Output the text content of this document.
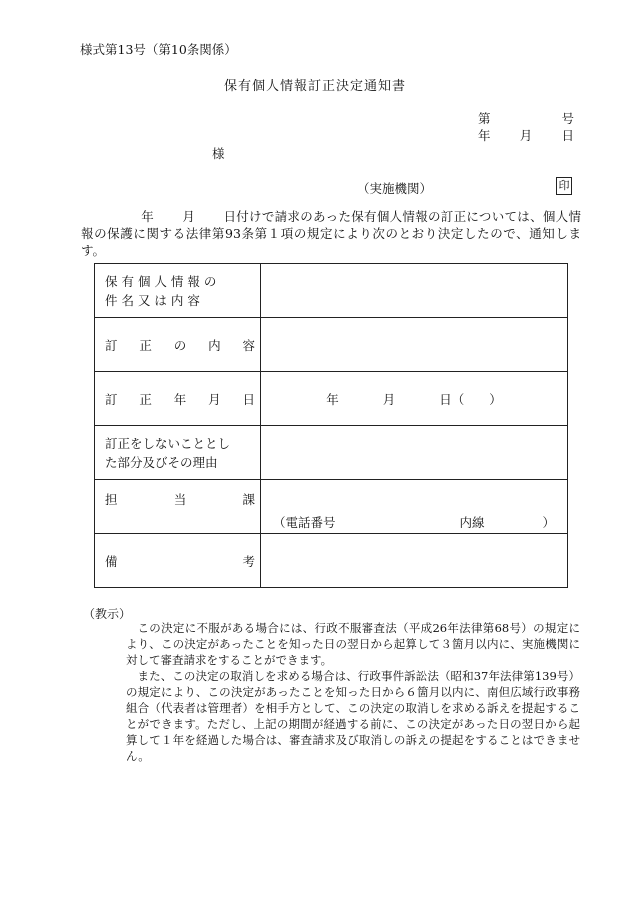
様式第13号（第10条関係）
保有個人情報訂正決定通知書
第	号
年 月 日
様
（実施機関）	印
年 月 日付けで請求のあった保有個人情報の訂正については、個人情報の保護に関する法律第93条第１項の規定により次のとおり決定したので、通知します。
保 有 個 人 情 報 の
件 名 又 は 内 容	

訂 正 の 内 容	

訂 正 年 月 日	年 月 日（　　）

訂正をしないこととし
た部分及びその理由	

担 当 課	（電話番号 内線 ）

備 考	

（教示）

この決定に不服がある場合には、行政不服審査法（平成26年法律第68号）の規定により、この決定があったことを知った日の翌日から起算して３箇月以内に、実施機関に対して審査請求をすることができます。

また、この決定の取消しを求める場合は、行政事件訴訟法（昭和37年法律第139号）の規定により、この決定があったことを知った日から６箇月以内に、南但広域行政事務組合（代表者は管理者）を相手方として、この決定の取消しを求める訴えを提起することができます。ただし、上記の期間が経過する前に、この決定があった日の翌日から起算して１年を経過した場合は、審査請求及び取消しの訴えの提起をすることはできません。
